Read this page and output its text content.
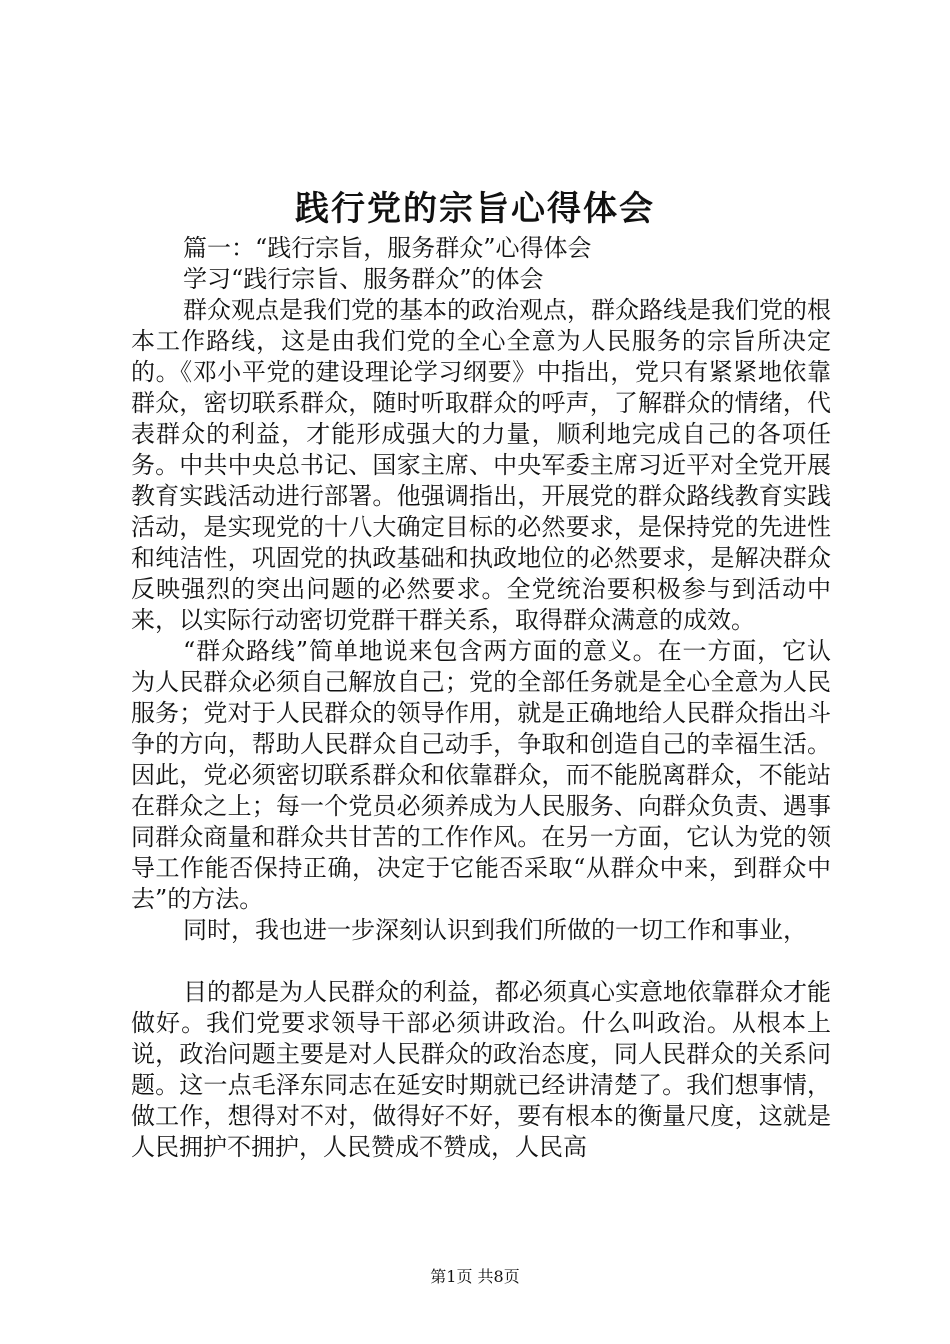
践行党的宗旨心得体会

篇一：“践行宗旨，服务群众”心得体会

学习“践行宗旨、服务群众”的体会

群众观点是我们党的基本的政治观点，群众路线是我们党的根本工作路线，这是由我们党的全心全意为人民服务的宗旨所决定的。《邓小平党的建设理论学习纲要》中指出，党只有紧紧地依靠群众，密切联系群众，随时听取群众的呼声，了解群众的情绪，代表群众的利益，才能形成强大的力量，顺利地完成自己的各项任务。中共中央总书记、国家主席、中央军委主席习近平对全党开展教育实践活动进行部署。他强调指出，开展党的群众路线教育实践活动，是实现党的十八大确定目标的必然要求，是保持党的先进性和纯洁性，巩固党的执政基础和执政地位的必然要求，是解决群众反映强烈的突出问题的必然要求。全党统治要积极参与到活动中来，以实际行动密切党群干群关系，取得群众满意的成效。

“群众路线”简单地说来包含两方面的意义。在一方面，它认为人民群众必须自己解放自己；党的全部任务就是全心全意为人民服务；党对于人民群众的领导作用，就是正确地给人民群众指出斗争的方向，帮助人民群众自己动手，争取和创造自己的幸福生活。因此，党必须密切联系群众和依靠群众，而不能脱离群众，不能站在群众之上；每一个党员必须养成为人民服务、向群众负责、遇事同群众商量和群众共甘苦的工作作风。在另一方面，它认为党的领导工作能否保持正确，决定于它能否采取“从群众中来，到群众中去”的方法。

同时，我也进一步深刻认识到我们所做的一切工作和事业，

目的都是为人民群众的利益，都必须真心实意地依靠群众才能做好。我们党要求领导干部必须讲政治。什么叫政治。从根本上说，政治问题主要是对人民群众的政治态度，同人民群众的关系问题。这一点毛泽东同志在延安时期就已经讲清楚了。我们想事情，做工作，想得对不对，做得好不好，要有根本的衡量尺度，这就是人民拥护不拥护，人民赞成不赞成，人民高

第1页 共8页
